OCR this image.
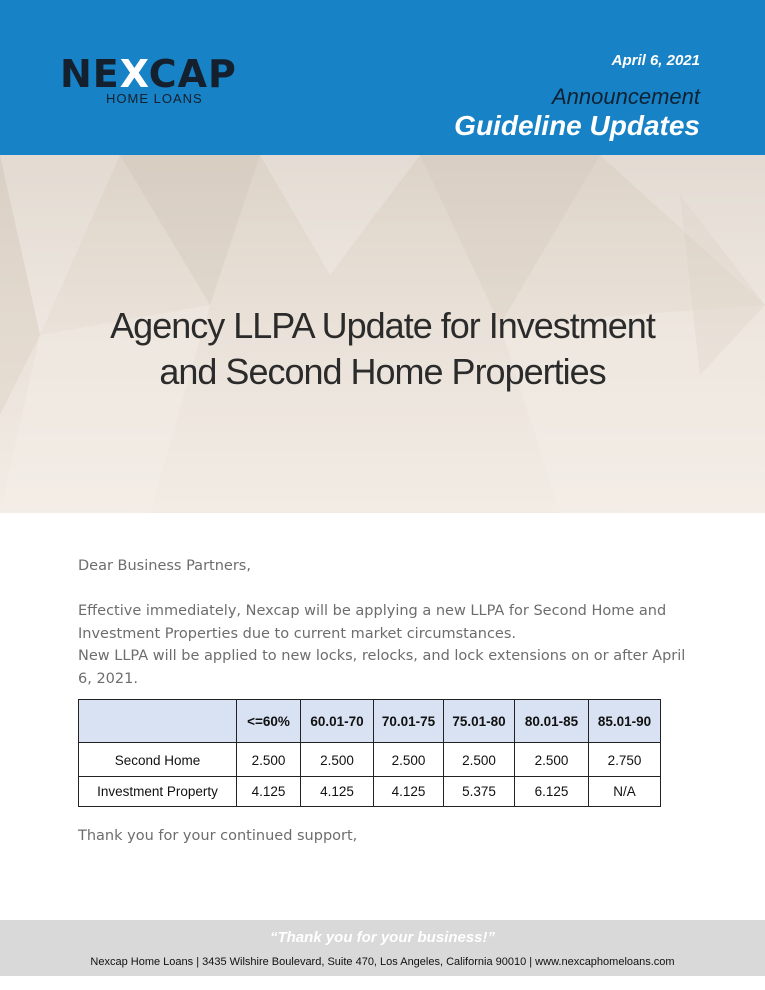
NEXCAP
HOME LOANS
April 6, 2021
Announcement
Guideline Updates
Agency LLPA Update for Investment
and Second Home Properties
Dear Business Partners,

Effective immediately, Nexcap will be applying a new LLPA for Second Home and Investment Properties due to current market circumstances.

New LLPA will be applied to new locks, relocks, and lock extensions on or after April 6, 2021.

	<=60%	60.01-70	70.01-75	75.01-80	80.01-85	85.01-90
Second Home	2.500	2.500	2.500	2.500	2.500	2.750
Investment Property	4.125	4.125	4.125	5.375	6.125	N/A
Thank you for your continued support,
“Thank you for your business!”
Nexcap Home Loans | 3435 Wilshire Boulevard, Suite 470, Los Angeles, California 90010 | www.nexcaphomeloans.com
